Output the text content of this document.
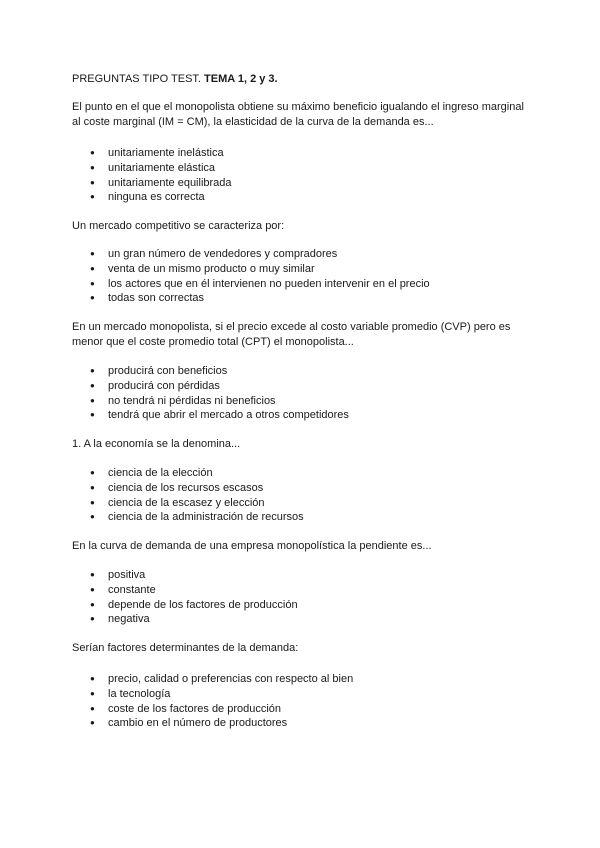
PREGUNTAS TIPO TEST. TEMA 1, 2 y 3.
El punto en el que el monopolista obtiene su máximo beneficio igualando el ingreso marginal al coste marginal (IM = CM), la elasticidad de la curva de la demanda es...
● unitariamente inelástica
● unitariamente elástica
● unitariamente equilibrada
● ninguna es correcta
Un mercado competitivo se caracteriza por:
● un gran número de vendedores y compradores
● venta de un mismo producto o muy similar
● los actores que en él intervienen no pueden intervenir en el precio
● todas son correctas
En un mercado monopolista, si el precio excede al costo variable promedio (CVP) pero es menor que el coste promedio total (CPT) el monopolista...
● producirá con beneficios
● producirá con pérdidas
● no tendrá ni pérdidas ni beneficios
● tendrá que abrir el mercado a otros competidores
1. A la economía se la denomina...
● ciencia de la elección
● ciencia de los recursos escasos
● ciencia de la escasez y elección
● ciencia de la administración de recursos
En la curva de demanda de una empresa monopolística la pendiente es...
● positiva
● constante
● depende de los factores de producción
● negativa
Serían factores determinantes de la demanda:
● precio, calidad o preferencias con respecto al bien
● la tecnología
● coste de los factores de producción
● cambio en el número de productores
